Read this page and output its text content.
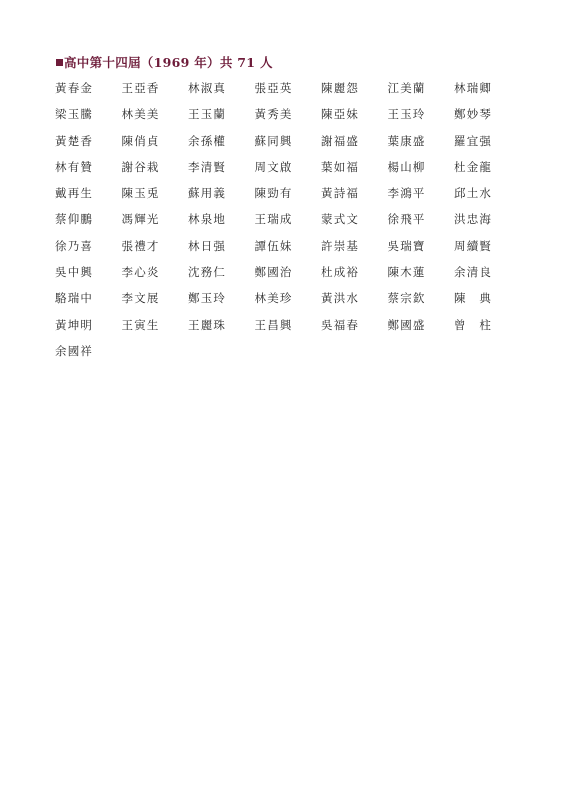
高中第十四屆（1969 年）共 71 人
黃春金	王亞香	林淑真	張亞英	陳麗怨	江美蘭	林瑞卿
梁玉騰	林美美	王玉蘭	黃秀美	陳亞妹	王玉玲	鄭妙琴
黃楚香	陳俏貞	余孫權	蘇同興	謝福盛	葉康盛	羅宜强
林有贊	謝谷栽	李清賢	周文啟	葉如福	楊山柳	杜金龍
戴再生	陳玉兎	蘇用義	陳勁有	黃詩福	李鴻平	邱土水
蔡仰鵬	馮輝光	林泉地	王瑞成	蒙式文	徐飛平	洪忠海
徐乃喜	張禮才	林日强	譚伍妹	許崇基	吳瑞寶	周續賢
吳中興	李心炎	沈務仁	鄭國治	杜成裕	陳木蓮	余清良
駱瑞中	李文展	鄭玉玲	林美珍	黃洪水	蔡宗欽	陳　典
黃坤明	王寅生	王麗珠	王昌興	吳福春	鄭國盛	曾　柱
余國祥
